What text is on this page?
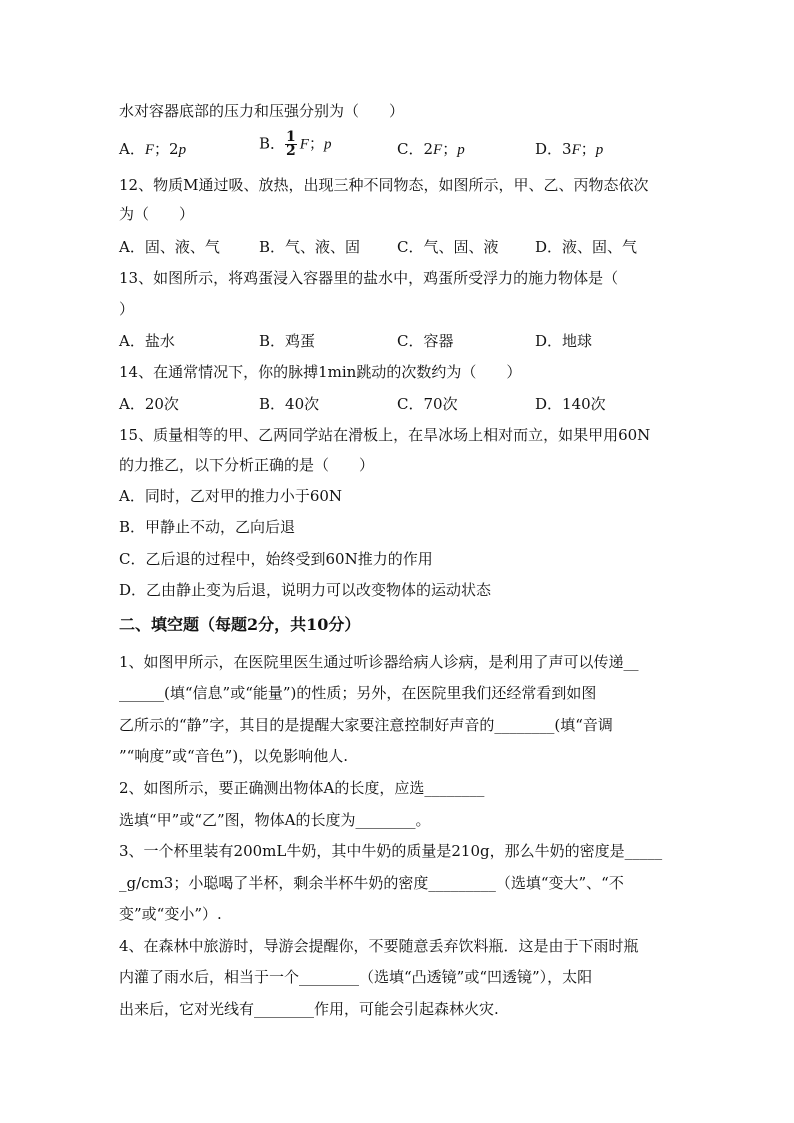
水对容器底部的压力和压强分别为（　　）
A．F；2p	B． $\frac{1}{2}$ F；p	C．2F；p	D．3F；p
12、物质M通过吸、放热，出现三种不同物态，如图所示，甲、乙、丙物态依次
为（　　）
A．固、液、气	B．气、液、固 C．气、固、液 D．液、固、气
13、如图所示，将鸡蛋浸入容器里的盐水中，鸡蛋所受浮力的施力物体是（
）
A．盐水	B．鸡蛋	C．容器	D．地球
14、在通常情况下，你的脉搏1min跳动的次数约为（　　）
A．20次	B．40次	C．70次	D．140次
15、质量相等的甲、乙两同学站在滑板上，在旱冰场上相对而立，如果甲用60N
的力推乙，以下分析正确的是（　　）
A．同时，乙对甲的推力小于60N
B．甲静止不动，乙向后退
C．乙后退的过程中，始终受到60N推力的作用
D．乙由静止变为后退，说明力可以改变物体的运动状态
二、填空题（每题2分，共10分）
1、如图甲所示，在医院里医生通过听诊器给病人诊病，是利用了声可以传递__
______(填“信息”或“能量”)的性质；另外，在医院里我们还经常看到如图
乙所示的“静”字，其目的是提醒大家要注意控制好声音的________(填“音调
”“响度”或“音色”)，以免影响他人.
2、如图所示，要正确测出物体A的长度，应选________
选填“甲”或“乙”图，物体A的长度为________。
3、一个杯里装有200mL牛奶，其中牛奶的质量是210g，那么牛奶的密度是_____
_g/cm3；小聪喝了半杯，剩余半杯牛奶的密度_________（选填“变大”、“不
变”或“变小”）.
4、在森林中旅游时，导游会提醒你，不要随意丢弃饮料瓶．这是由于下雨时瓶
内灌了雨水后，相当于一个________（选填“凸透镜”或“凹透镜”），太阳
出来后，它对光线有________作用，可能会引起森林火灾.
